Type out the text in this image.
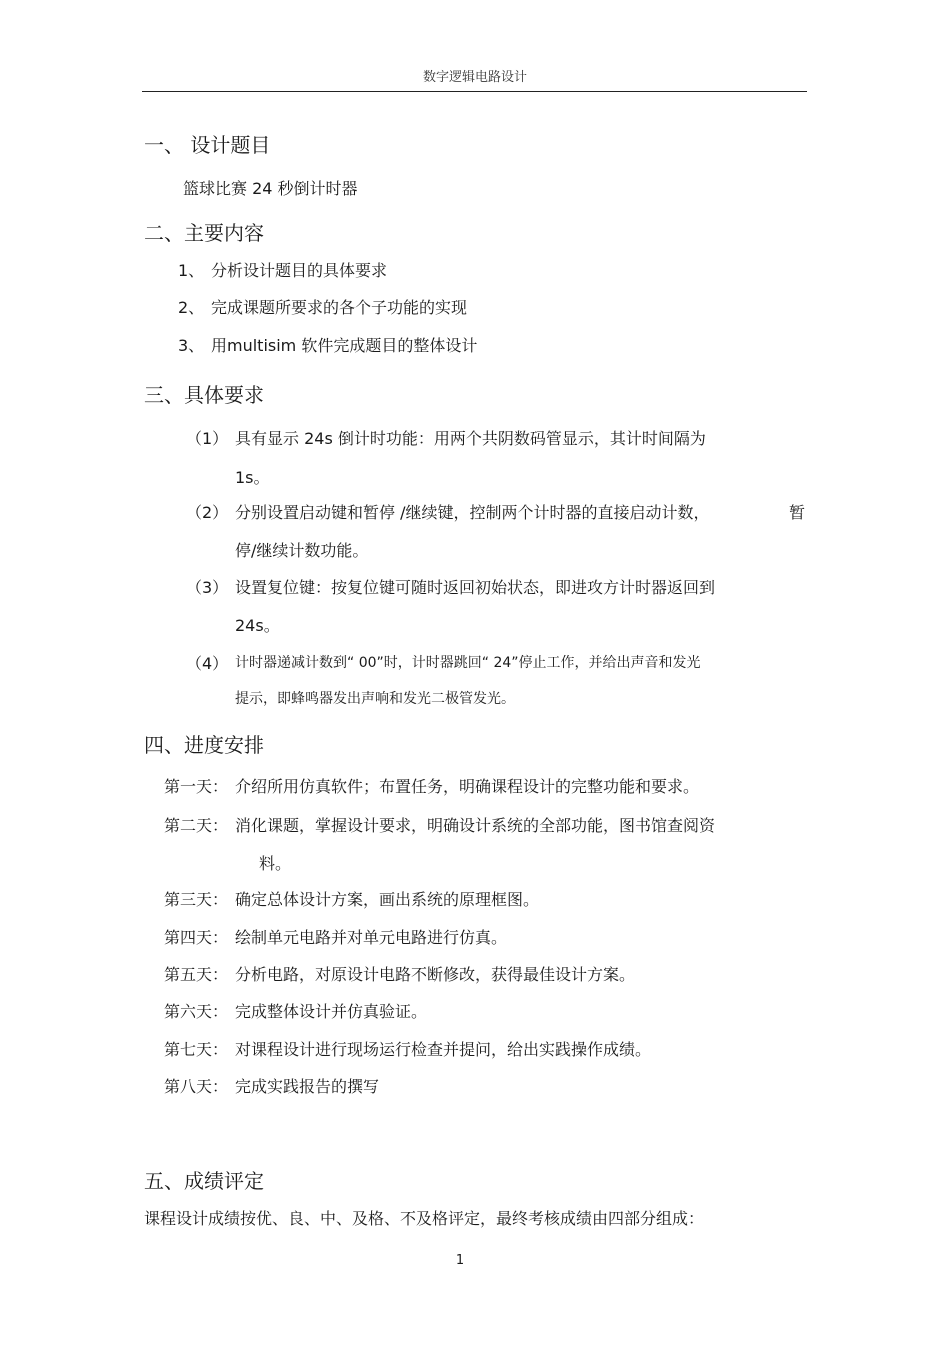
数字逻辑电路设计
一、 设计题目
篮球比赛 24 秒倒计时器
二、主要内容
1、 分析设计题目的具体要求
2、 完成课题所要求的各个子功能的实现
3、 用multisim 软件完成题目的整体设计
三、具体要求
（1） 具有显示 24s 倒计时功能：用两个共阴数码管显示，其计时间隔为
1s。
（2） 分别设置启动键和暂停 /继续键，控制两个计时器的直接启动计数，	暂
停/继续计数功能。
（3） 设置复位键：按复位键可随时返回初始状态，即进攻方计时器返回到
24s。
（4） 计时器递减计数到“ 00”时，计时器跳回“ 24”停止工作，并给出声音和发光
提示，即蜂鸣器发出声响和发光二极管发光。
四、进度安排
第一天： 介绍所用仿真软件；布置任务，明确课程设计的完整功能和要求。
第二天： 消化课题，掌握设计要求，明确设计系统的全部功能，图书馆查阅资
料。
第三天： 确定总体设计方案，画出系统的原理框图。
第四天： 绘制单元电路并对单元电路进行仿真。
第五天： 分析电路，对原设计电路不断修改，获得最佳设计方案。
第六天： 完成整体设计并仿真验证。
第七天： 对课程设计进行现场运行检查并提问，给出实践操作成绩。
第八天： 完成实践报告的撰写
五、成绩评定
课程设计成绩按优、良、中、及格、不及格评定，最终考核成绩由四部分组成：
1
